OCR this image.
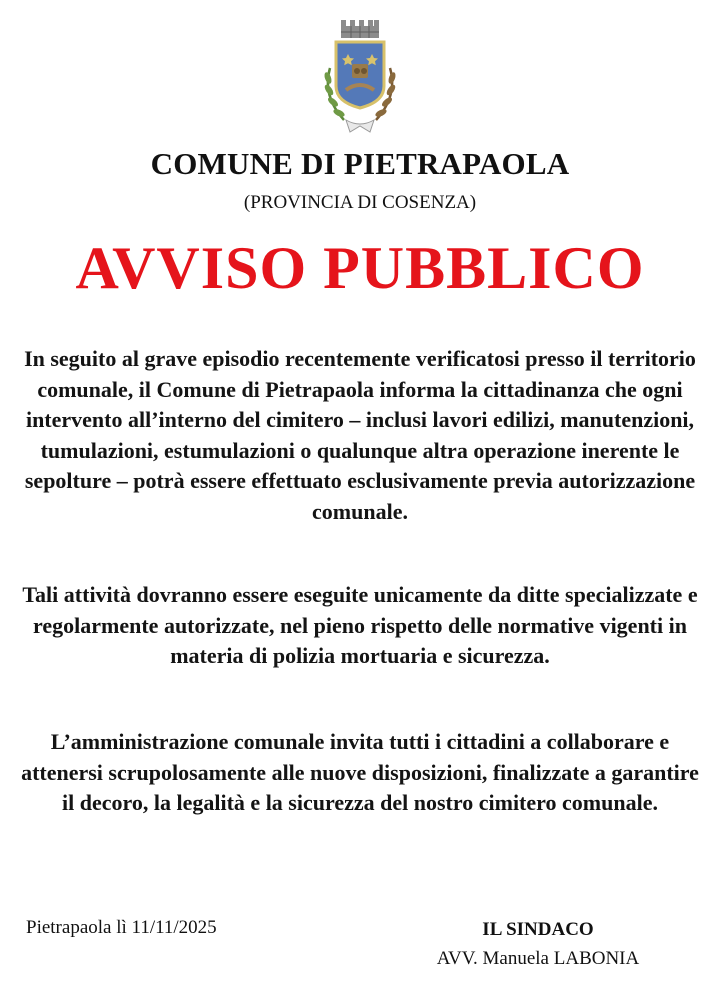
COMUNE DI PIETRAPAOLA
(PROVINCIA DI COSENZA)
AVVISO PUBBLICO
In seguito al grave episodio recentemente verificatosi presso il territorio comunale, il Comune di Pietrapaola informa la cittadinanza che ogni intervento all’interno del cimitero – inclusi lavori edilizi, manutenzioni, tumulazioni, estumulazioni o qualunque altra operazione inerente le sepolture – potrà essere effettuato esclusivamente previa autorizzazione comunale.
Tali attività dovranno essere eseguite unicamente da ditte specializzate e regolarmente autorizzate, nel pieno rispetto delle normative vigenti in materia di polizia mortuaria e sicurezza.
L’amministrazione comunale invita tutti i cittadini a collaborare e attenersi scrupolosamente alle nuove disposizioni, finalizzate a garantire il decoro, la legalità e la sicurezza del nostro cimitero comunale.
Pietrapaola lì 11/11/2025	IL SINDACO
AVV. Manuela LABONIA
